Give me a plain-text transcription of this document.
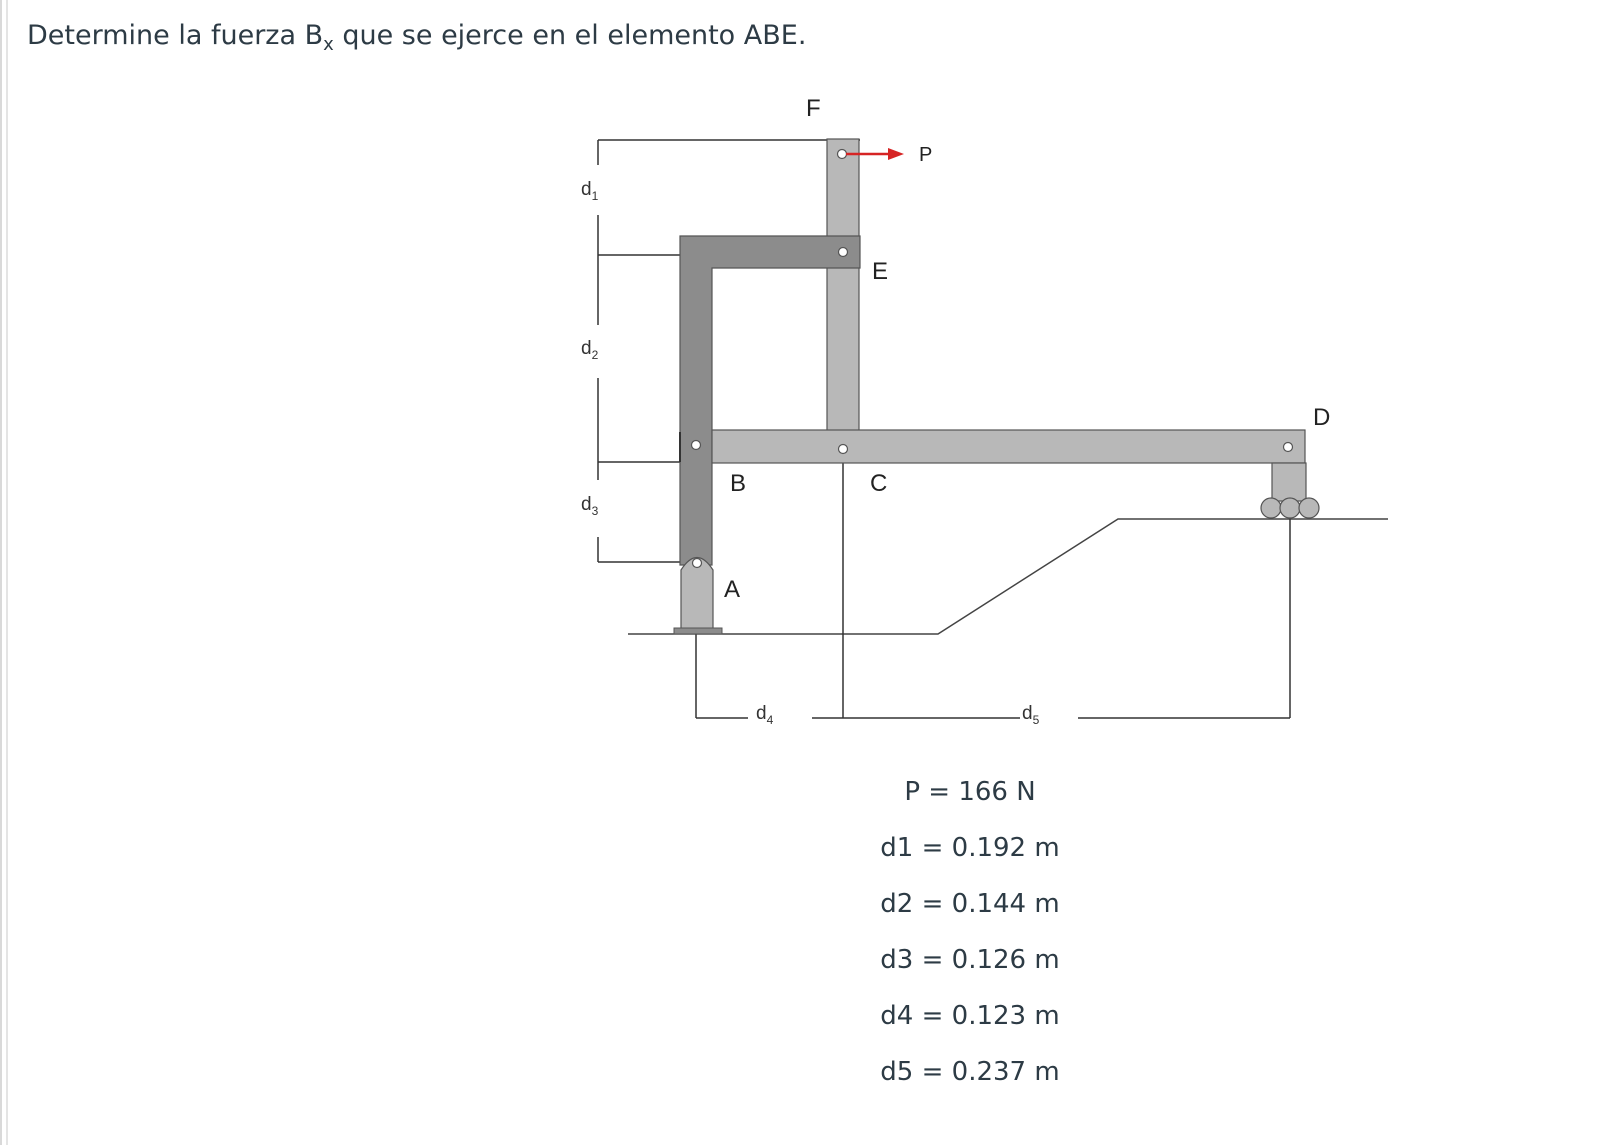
Determine la fuerza $B_x$ que se ejerce en el elemento ABE.
F
P
E
D
B	C
A
$d_1$
$d_2$
$d_3$
$d_4$	$d_5$
P = 166 N
d1 = 0.192 m
d2 = 0.144 m
d3 = 0.126 m
d4 = 0.123 m
d5 = 0.237 m
